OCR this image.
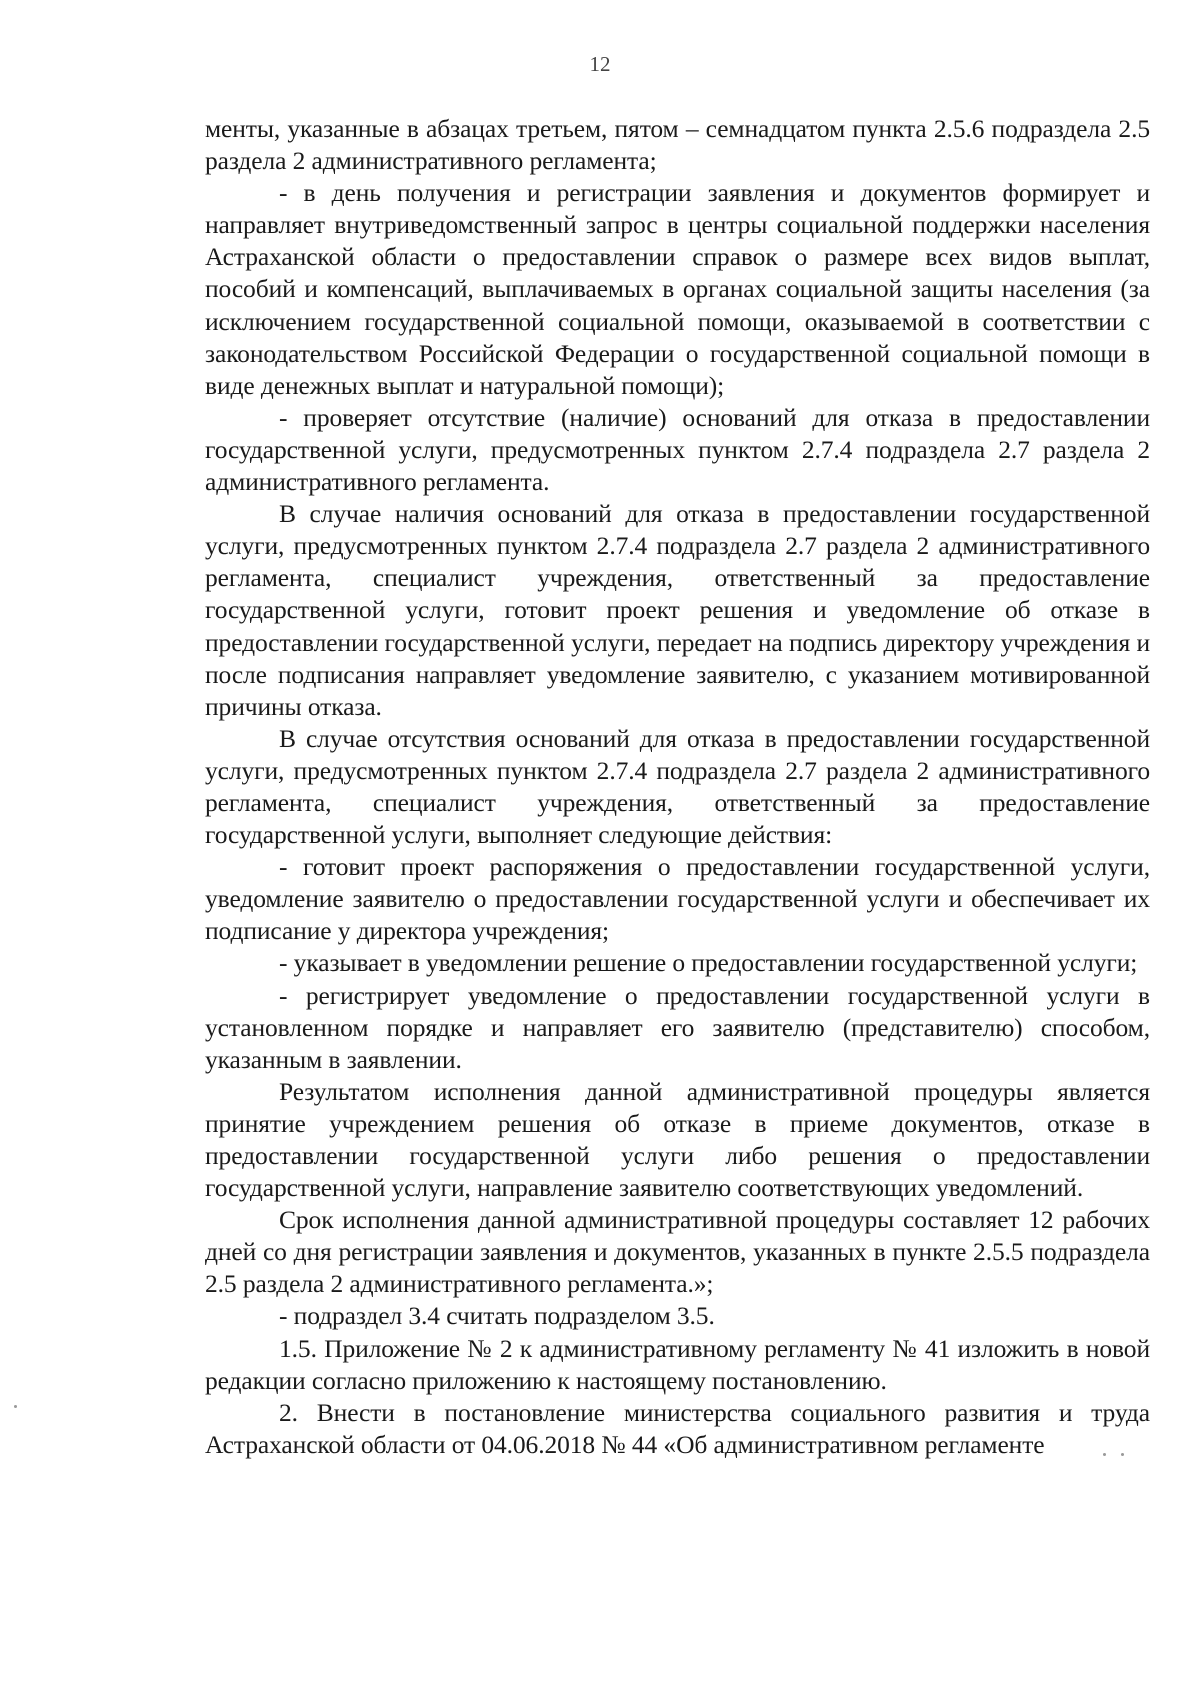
12

менты, указанные в абзацах третьем, пятом – семнадцатом пункта 2.5.6 подраздела 2.5 раздела 2 административного регламента;

- в день получения и регистрации заявления и документов формирует и направляет внутриведомственный запрос в центры социальной поддержки населения Астраханской области о предоставлении справок о размере всех видов выплат, пособий и компенсаций, выплачиваемых в органах социальной защиты населения (за исключением государственной социальной помощи, оказываемой в соответствии с законодательством Российской Федерации о государственной социальной помощи в виде денежных выплат и натуральной помощи);

- проверяет отсутствие (наличие) оснований для отказа в предоставлении государственной услуги, предусмотренных пунктом 2.7.4 подраздела 2.7 раздела 2 административного регламента.

В случае наличия оснований для отказа в предоставлении государственной услуги, предусмотренных пунктом 2.7.4 подраздела 2.7 раздела 2 административного регламента, специалист учреждения, ответственный за предоставление государственной услуги, готовит проект решения и уведомление об отказе в предоставлении государственной услуги, передает на подпись директору учреждения и после подписания направляет уведомление заявителю, с указанием мотивированной причины отказа.

В случае отсутствия оснований для отказа в предоставлении государственной услуги, предусмотренных пунктом 2.7.4 подраздела 2.7 раздела 2 административного регламента, специалист учреждения, ответственный за предоставление государственной услуги, выполняет следующие действия:

- готовит проект распоряжения о предоставлении государственной услуги, уведомление заявителю о предоставлении государственной услуги и обеспечивает их подписание у директора учреждения;

- указывает в уведомлении решение о предоставлении государственной услуги;

- регистрирует уведомление о предоставлении государственной услуги в установленном порядке и направляет его заявителю (представителю) способом, указанным в заявлении.

Результатом исполнения данной административной процедуры является принятие учреждением решения об отказе в приеме документов, отказе в предоставлении государственной услуги либо решения о предоставлении государственной услуги, направление заявителю соответствующих уведомлений.

Срок исполнения данной административной процедуры составляет 12 рабочих дней со дня регистрации заявления и документов, указанных в пункте 2.5.5 подраздела 2.5 раздела 2 административного регламента.»;

- подраздел 3.4 считать подразделом 3.5.

1.5. Приложение № 2 к административному регламенту № 41 изложить в новой редакции согласно приложению к настоящему постановлению.

2. Внести в постановление министерства социального развития и труда Астраханской области от 04.06.2018 № 44 «Об административном регламенте
